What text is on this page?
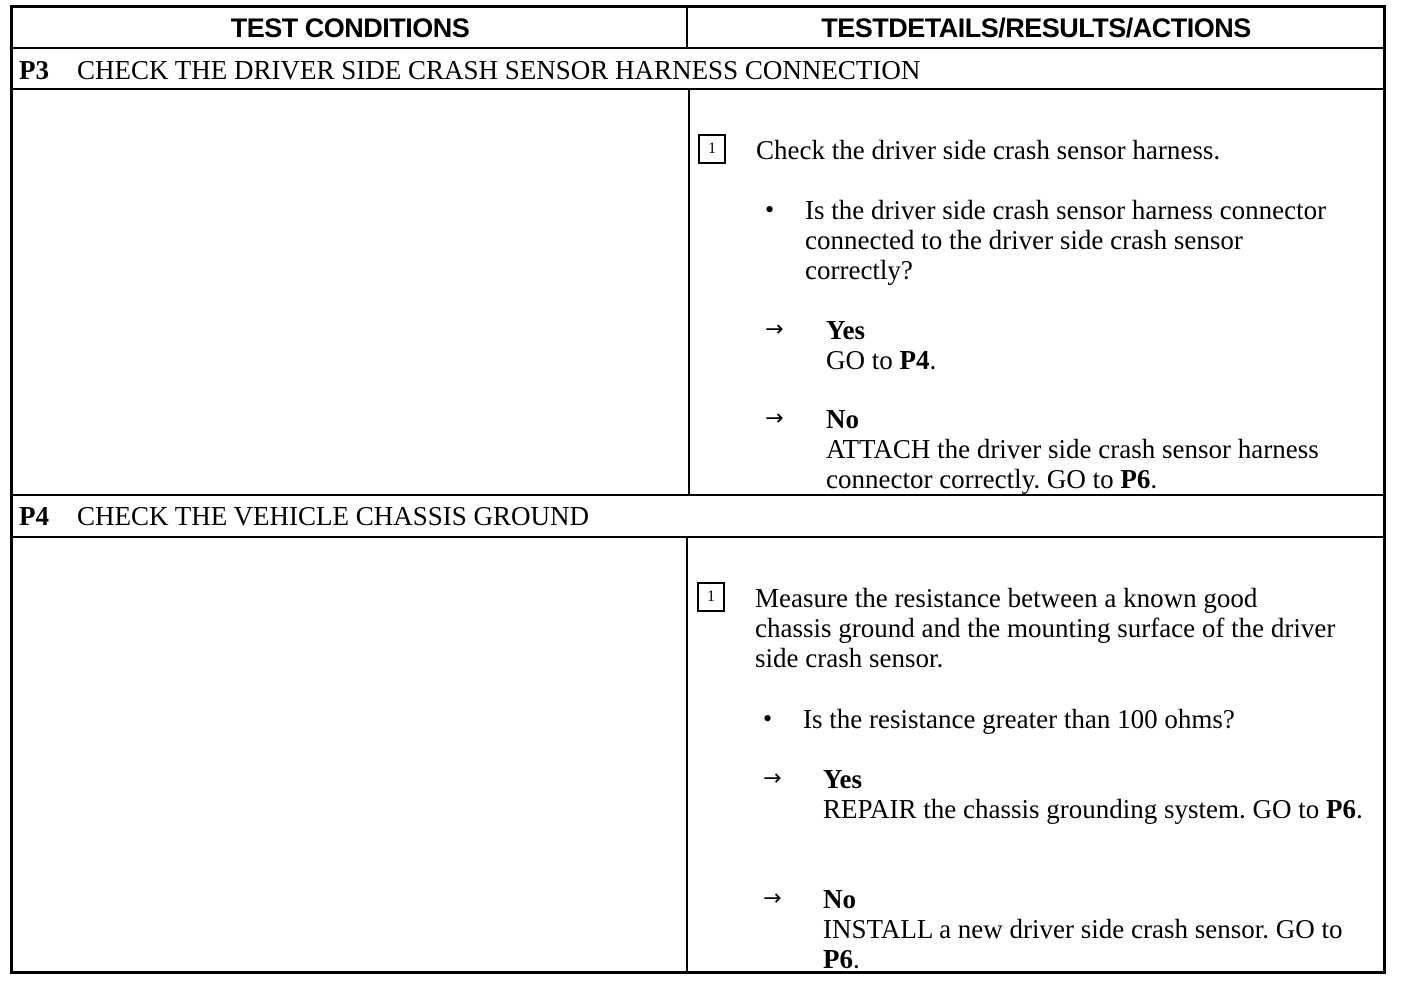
TEST CONDITIONS	TESTDETAILS/RESULTS/ACTIONS
P3 CHECK THE DRIVER SIDE CRASH SENSOR HARNESS CONNECTION
1	Check the driver side crash sensor harness.
• Is the driver side crash sensor harness connector connected to the driver side crash sensor correctly?
→ Yes
GO to P4.
→ No
ATTACH the driver side crash sensor harness connector correctly. GO to P6.
P4 CHECK THE VEHICLE CHASSIS GROUND
1	Measure the resistance between a known good chassis ground and the mounting surface of the driver side crash sensor.
• Is the resistance greater than 100 ohms?
→ Yes
REPAIR the chassis grounding system. GO to P6.
→ No
INSTALL a new driver side crash sensor. GO to P6.
